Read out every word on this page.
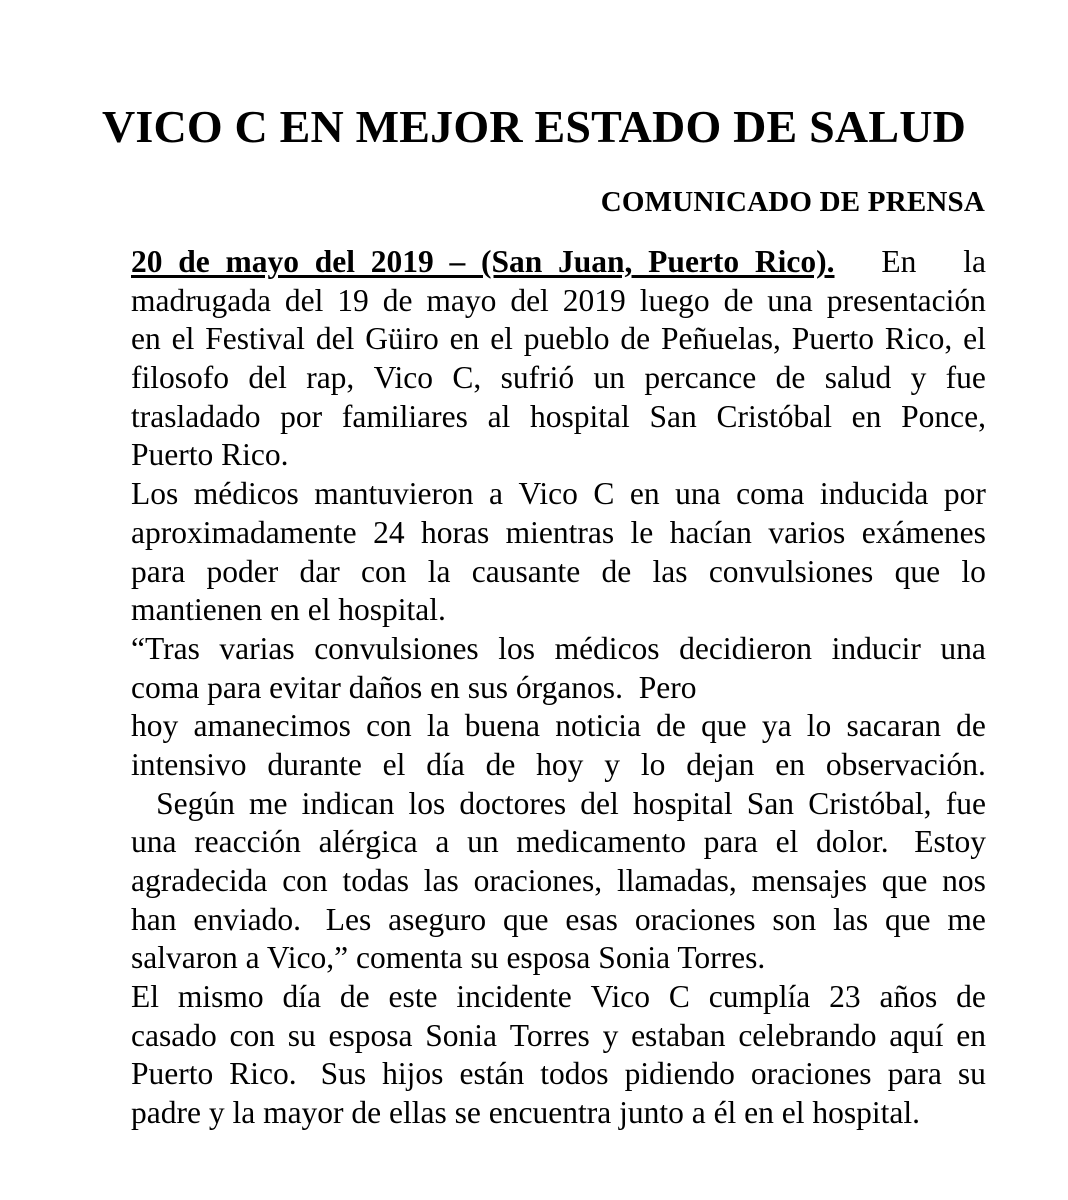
VICO C EN MEJOR ESTADO DE SALUD
COMUNICADO DE PRENSA
20  de  mayo  del  2019  –  (San  Juan,  Puerto  Rico). En la
madrugada del 19 de mayo del 2019 luego de una presentación
en el Festival del Güiro en el pueblo de Peñuelas, Puerto Rico, el
filosofo del rap, Vico C, sufrió un percance de salud y fue
trasladado por familiares al hospital San Cristóbal en Ponce,
Puerto Rico.
Los médicos mantuvieron a Vico C en una coma inducida por
aproximadamente 24 horas mientras le hacían varios exámenes
para poder dar con la causante de las convulsiones que lo
mantienen en el hospital.
“Tras varias convulsiones los médicos decidieron inducir una
coma para evitar daños en sus órganos. Pero
hoy amanecimos con la buena noticia de que ya lo sacaran de
intensivo durante el día de hoy y lo dejan en observación.

Según me indican los doctores del hospital San Cristóbal, fue
una reacción alérgica a un medicamento para el dolor. Estoy
agradecida con todas las oraciones, llamadas, mensajes que nos
han enviado. Les aseguro que esas oraciones son las que me
salvaron a Vico,” comenta su esposa Sonia Torres.
El mismo día de este incidente Vico C cumplía 23 años de
casado con su esposa Sonia Torres y estaban celebrando aquí en
Puerto Rico. Sus hijos están todos pidiendo oraciones para su
padre y la mayor de ellas se encuentra junto a él en el hospital.
